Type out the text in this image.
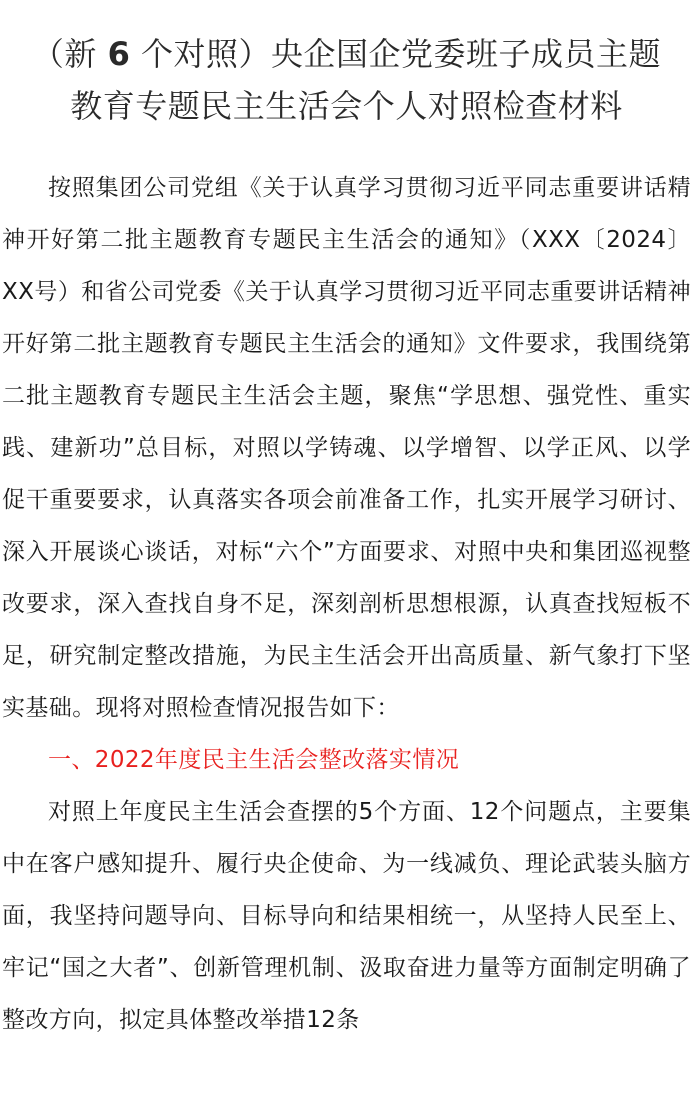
（新 6 个对照）央企国企党委班子成员主题
教育专题民主生活会个人对照检查材料

按照集团公司党组《关于认真学习贯彻习近平同志重要讲话精神开好第二批主题教育专题民主生活会的通知》（XXX〔2024〕XX号）和省公司党委《关于认真学习贯彻习近平同志重要讲话精神开好第二批主题教育专题民主生活会的通知》文件要求，我围绕第二批主题教育专题民主生活会主题，聚焦“学思想、强党性、重实践、建新功”总目标，对照以学铸魂、以学增智、以学正风、以学促干重要要求，认真落实各项会前准备工作，扎实开展学习研讨、深入开展谈心谈话，对标“六个”方面要求、对照中央和集团巡视整改要求，深入查找自身不足，深刻剖析思想根源，认真查找短板不足，研究制定整改措施，为民主生活会开出高质量、新气象打下坚实基础。现将对照检查情况报告如下：

一、2022年度民主生活会整改落实情况

对照上年度民主生活会查摆的5个方面、12个问题点，主要集中在客户感知提升、履行央企使命、为一线减负、理论武装头脑方面，我坚持问题导向、目标导向和结果相统一，从坚持人民至上、牢记“国之大者”、创新管理机制、汲取奋进力量等方面制定明确了整改方向，拟定具体整改举措12条
